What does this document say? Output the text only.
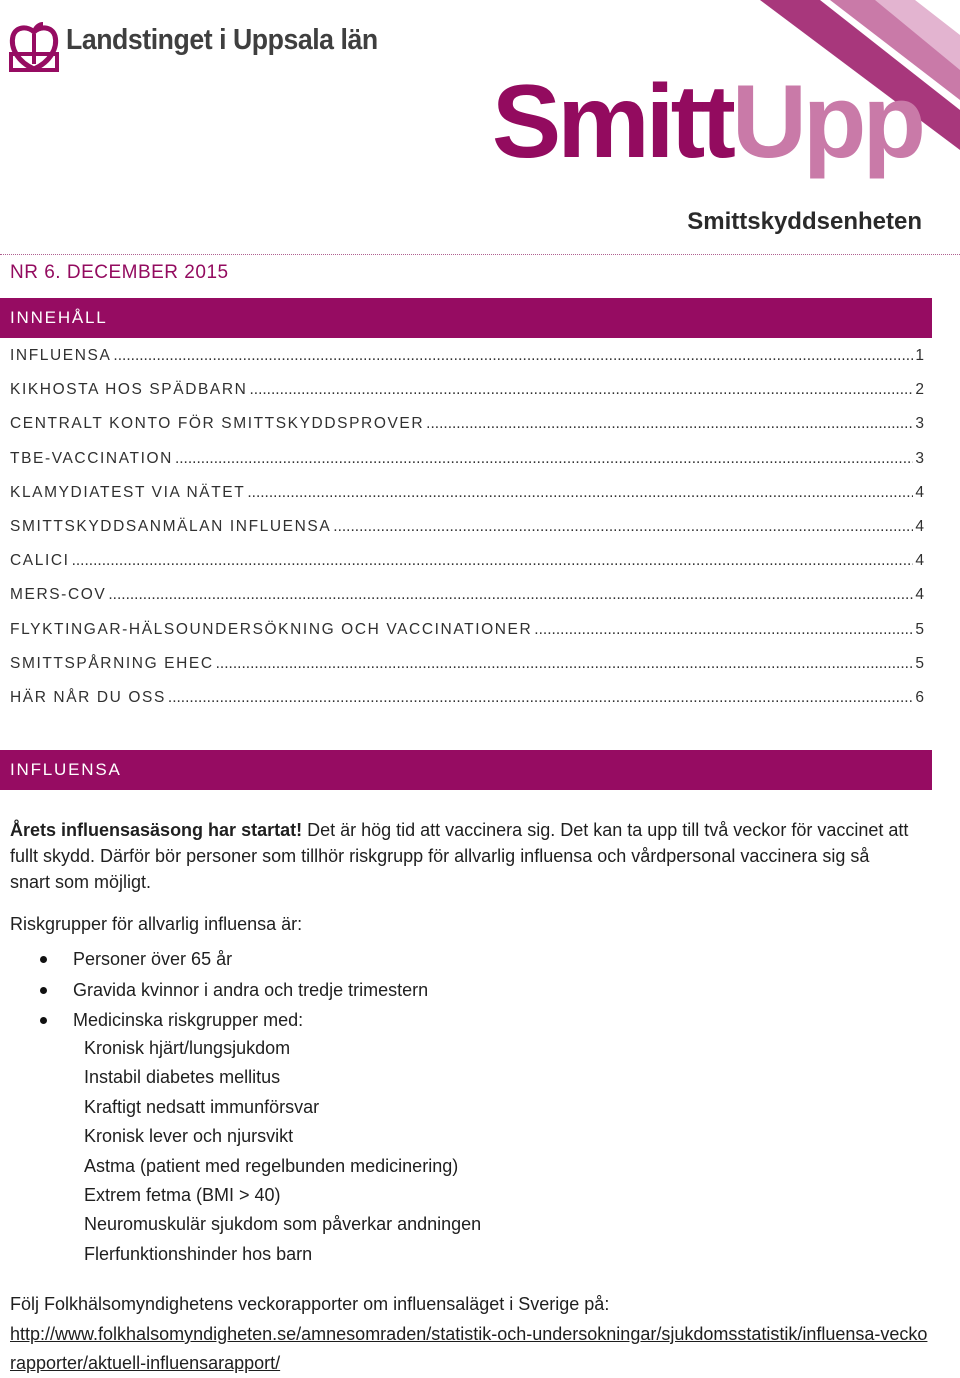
Landstinget i Uppsala län
SmittUpp
Smittskyddsenheten
NR 6. DECEMBER 2015
INNEHÅLL
INFLUENSA .....	1
KIKHOSTA HOS SPÄDBARN .....	2
CENTRALT KONTO FÖR SMITTSKYDDSPROVER .....	3
TBE-VACCINATION .....	3
KLAMYDIATEST VIA NÄTET .....	4
SMITTSKYDDSANMÄLAN INFLUENSA .....	4
CALICI .....	4
MERS-COV .....	4
FLYKTINGAR-HÄLSOUNDERSÖKNING OCH VACCINATIONER .....	5
SMITTSPÅRNING EHEC .....	5
HÄR NÅR DU OSS .....	6
INFLUENSA
Årets influensasäsong har startat! Det är hög tid att vaccinera sig. Det kan ta upp till två veckor för vaccinet att fullt skydd. Därför bör personer som tillhör riskgrupp för allvarlig influensa och vårdpersonal vaccinera sig så snart som möjligt.
Riskgrupper för allvarlig influensa är:
Personer över 65 år
Gravida kvinnor i andra och tredje trimestern
Medicinska riskgrupper med:
Kronisk hjärt/lungsjukdom
Instabil diabetes mellitus
Kraftigt nedsatt immunförsvar
Kronisk lever och njursvikt
Astma (patient med regelbunden medicinering)
Extrem fetma (BMI > 40)
Neuromuskulär sjukdom som påverkar andningen
Flerfunktionshinder hos barn
Följ Folkhälsomyndighetens veckorapporter om influensaläget i Sverige på:
http://www.folkhalsomyndigheten.se/amnesomraden/statistik-och-undersokningar/sjukdomsstatistik/influensa-veckorapporter/aktuell-influensarapport/
